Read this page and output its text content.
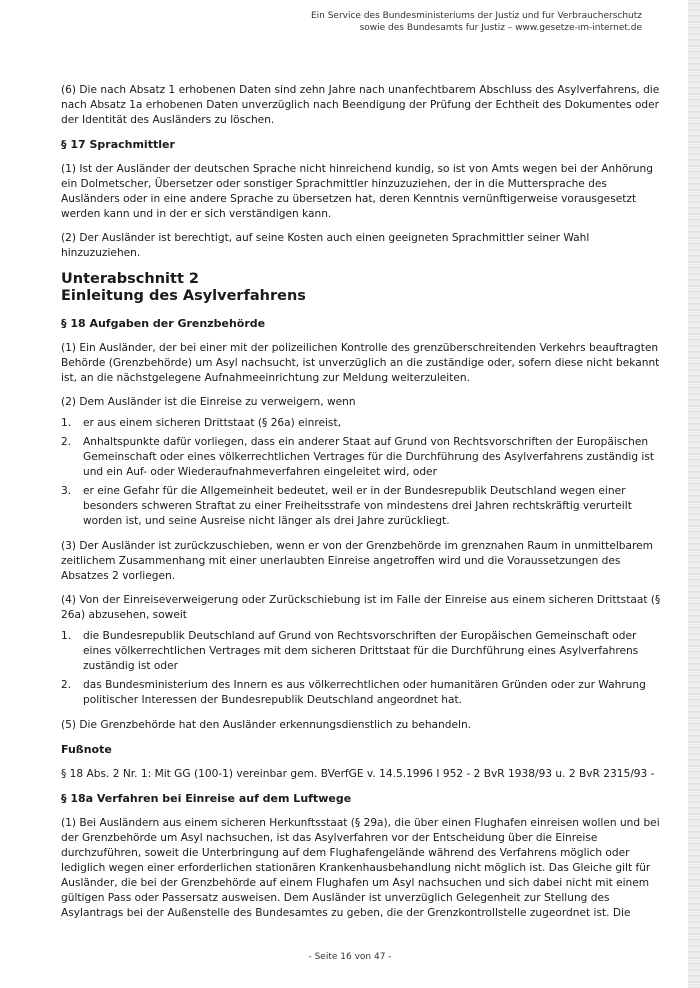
Ein Service des Bundesministeriums der Justiz und fur Verbraucherschutz
sowie des Bundesamts fur Justiz – www.gesetze-ım-internet.de

(6) Die nach Absatz 1 erhobenen Daten sind zehn Jahre nach unanfechtbarem Abschluss des Asylverfahrens, die nach Absatz 1a erhobenen Daten unverzüglich nach Beendigung der Prüfung der Echtheit des Dokumentes oder der Identität des Ausländers zu löschen.

§ 17 Sprachmittler

(1) Ist der Ausländer der deutschen Sprache nicht hinreichend kundig, so ist von Amts wegen bei der Anhörung ein Dolmetscher, Übersetzer oder sonstiger Sprachmittler hinzuzuziehen, der in die Muttersprache des Ausländers oder in eine andere Sprache zu übersetzen hat, deren Kenntnis vernünftigerweise vorausgesetzt werden kann und in der er sich verständigen kann.

(2) Der Ausländer ist berechtigt, auf seine Kosten auch einen geeigneten Sprachmittler seiner Wahl hinzuzuziehen.

Unterabschnitt 2
Einleitung des Asylverfahrens

§ 18 Aufgaben der Grenzbehörde

(1) Ein Ausländer, der bei einer mit der polizeilichen Kontrolle des grenzüberschreitenden Verkehrs beauftragten Behörde (Grenzbehörde) um Asyl nachsucht, ist unverzüglich an die zuständige oder, sofern diese nicht bekannt ist, an die nächstgelegene Aufnahmeeinrichtung zur Meldung weiterzuleiten.

(2) Dem Ausländer ist die Einreise zu verweigern, wenn

1. er aus einem sicheren Drittstaat (§ 26a) einreist,
2. Anhaltspunkte dafür vorliegen, dass ein anderer Staat auf Grund von Rechtsvorschriften der Europäischen Gemeinschaft oder eines völkerrechtlichen Vertrages für die Durchführung des Asylverfahrens zuständig ist und ein Auf- oder Wiederaufnahmeverfahren eingeleitet wird, oder
3. er eine Gefahr für die Allgemeinheit bedeutet, weil er in der Bundesrepublik Deutschland wegen einer besonders schweren Straftat zu einer Freiheitsstrafe von mindestens drei Jahren rechtskräftig verurteilt worden ist, und seine Ausreise nicht länger als drei Jahre zurückliegt.

(3) Der Ausländer ist zurückzuschieben, wenn er von der Grenzbehörde im grenznahen Raum in unmittelbarem zeitlichem Zusammenhang mit einer unerlaubten Einreise angetroffen wird und die Voraussetzungen des Absatzes 2 vorliegen.

(4) Von der Einreiseverweigerung oder Zurückschiebung ist im Falle der Einreise aus einem sicheren Drittstaat (§ 26a) abzusehen, soweit

1. die Bundesrepublik Deutschland auf Grund von Rechtsvorschriften der Europäischen Gemeinschaft oder eines völkerrechtlichen Vertrages mit dem sicheren Drittstaat für die Durchführung eines Asylverfahrens zuständig ist oder
2. das Bundesministerium des Innern es aus völkerrechtlichen oder humanitären Gründen oder zur Wahrung politischer Interessen der Bundesrepublik Deutschland angeordnet hat.

(5) Die Grenzbehörde hat den Ausländer erkennungsdienstlich zu behandeln.

Fußnote

§ 18 Abs. 2 Nr. 1: Mit GG (100-1) vereinbar gem. BVerfGE v. 14.5.1996 I 952 - 2 BvR 1938/93 u. 2 BvR 2315/93 -

§ 18a Verfahren bei Einreise auf dem Luftwege

(1) Bei Ausländern aus einem sicheren Herkunftsstaat (§ 29a), die über einen Flughafen einreisen wollen und bei der Grenzbehörde um Asyl nachsuchen, ist das Asylverfahren vor der Entscheidung über die Einreise durchzuführen, soweit die Unterbringung auf dem Flughafengelände während des Verfahrens möglich oder lediglich wegen einer erforderlichen stationären Krankenhausbehandlung nicht möglich ist. Das Gleiche gilt für Ausländer, die bei der Grenzbehörde auf einem Flughafen um Asyl nachsuchen und sich dabei nicht mit einem gültigen Pass oder Passersatz ausweisen. Dem Ausländer ist unverzüglich Gelegenheit zur Stellung des Asylantrags bei der Außenstelle des Bundesamtes zu geben, die der Grenzkontrollstelle zugeordnet ist. Die

- Seite 16 von 47 -
